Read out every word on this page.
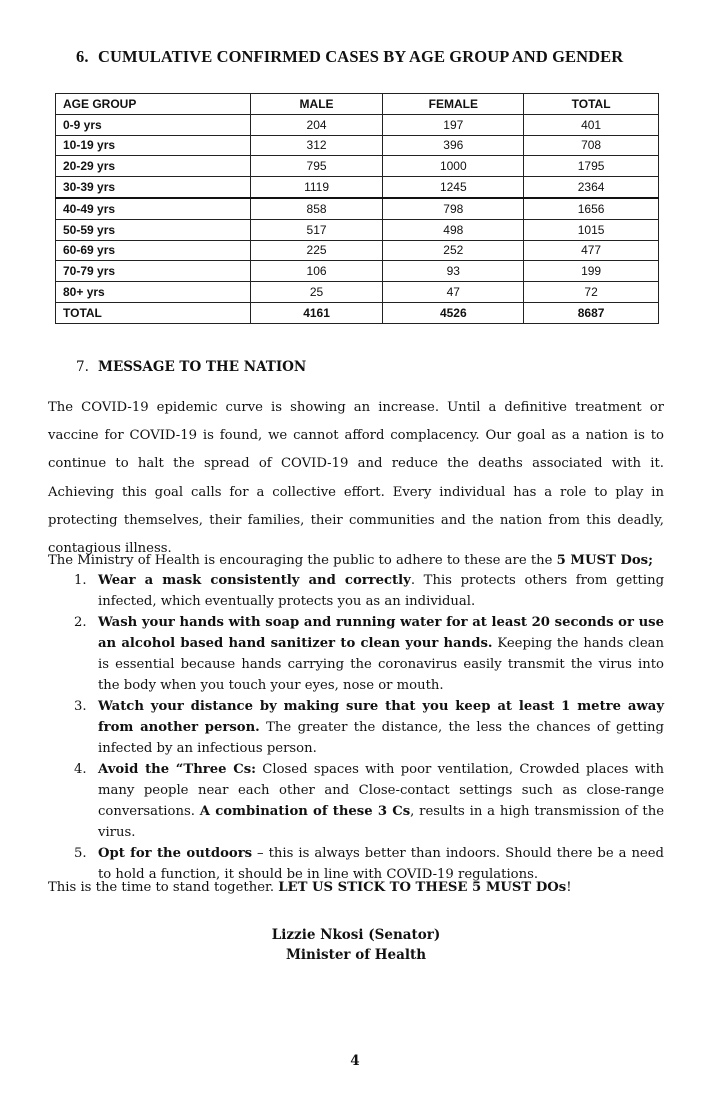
6. CUMULATIVE CONFIRMED CASES BY AGE GROUP AND GENDER
AGE GROUP	MALE	FEMALE	TOTAL
0-9 yrs	204	197	401
10-19 yrs	312	396	708
20-29 yrs	795	1000	1795
30-39 yrs	1119	1245	2364
40-49 yrs	858	798	1656
50-59 yrs	517	498	1015
60-69 yrs	225	252	477
70-79 yrs	106	93	199
80+ yrs	25	47	72
TOTAL	4161	4526	8687
7. MESSAGE TO THE NATION

The COVID-19 epidemic curve is showing an increase. Until a definitive treatment or vaccine for COVID-19 is found, we cannot afford complacency. Our goal as a nation is to continue to halt the spread of COVID-19 and reduce the deaths associated with it. Achieving this goal calls for a collective effort. Every individual has a role to play in protecting themselves, their families, their communities and the nation from this deadly, contagious illness.

The Ministry of Health is encouraging the public to adhere to these are the 5 MUST Dos;
1. Wear a mask consistently and correctly. This protects others from getting infected, which eventually protects you as an individual.
2. Wash your hands with soap and running water for at least 20 seconds or use an alcohol based hand sanitizer to clean your hands. Keeping the hands clean is essential because hands carrying the coronavirus easily transmit the virus into the body when you touch your eyes, nose or mouth.
3. Watch your distance by making sure that you keep at least 1 metre away from another person. The greater the distance, the less the chances of getting infected by an infectious person.
4. Avoid the “Three Cs: Closed spaces with poor ventilation, Crowded places with many people near each other and Close-contact settings such as close-range conversations. A combination of these 3 Cs, results in a high transmission of the virus.
5. Opt for the outdoors – this is always better than indoors. Should there be a need to hold a function, it should be in line with COVID-19 regulations.
This is the time to stand together. LET US STICK TO THESE 5 MUST DOs!
Lizzie Nkosi (Senator)
Minister of Health
4
